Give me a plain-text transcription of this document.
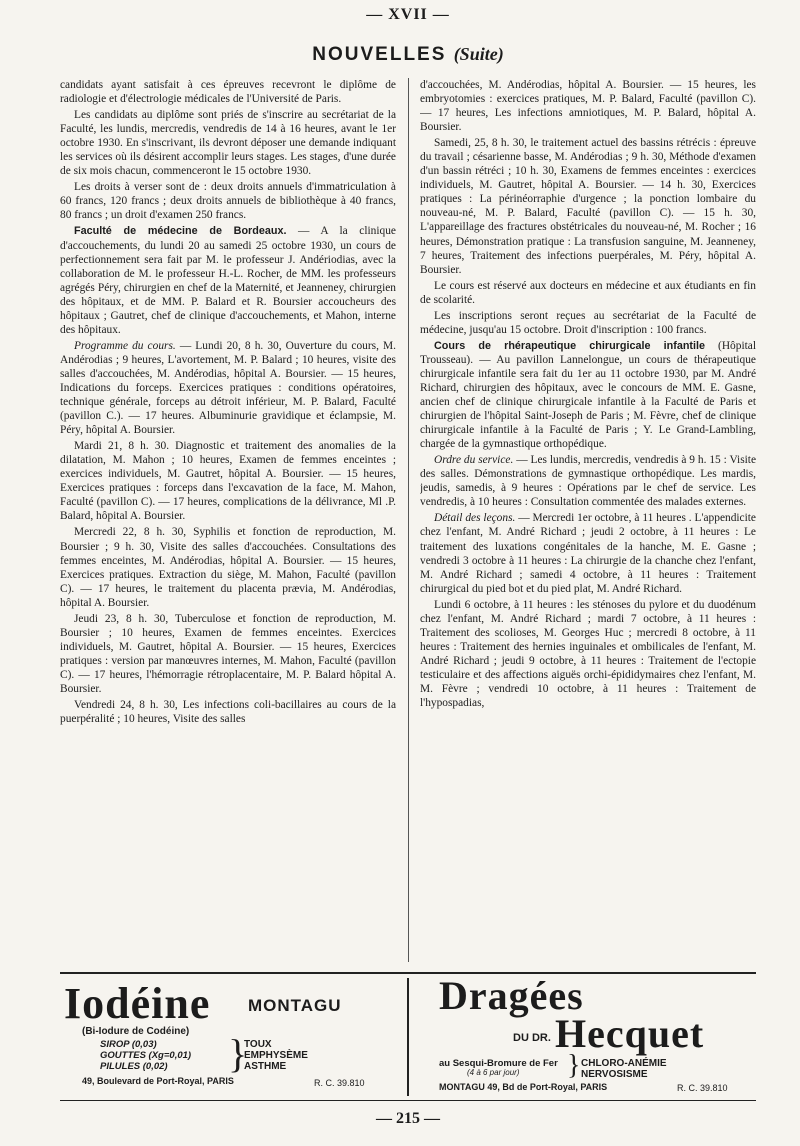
— XVII —
NOUVELLES (Suite)

candidats ayant satisfait à ces épreuves recevront le diplôme de radiologie et d'électrologie médicales de l'Université de Paris.

Les candidats au diplôme sont priés de s'inscrire au secrétariat de la Faculté, les lundis, mercredis, vendredis de 14 à 16 heures, avant le 1er octobre 1930. En s'inscrivant, ils devront déposer une demande indiquant les services où ils désirent accomplir leurs stages. Les stages, d'une durée de six mois chacun, commenceront le 15 octobre 1930.

Les droits à verser sont de : deux droits annuels d'immatriculation à 60 francs, 120 francs ; deux droits annuels de bibliothèque à 40 francs, 80 francs ; un droit d'examen 250 francs.

Faculté de médecine de Bordeaux. — A la clinique d'accouchements, du lundi 20 au samedi 25 octobre 1930, un cours de perfectionnement sera fait par M. le professeur J. Andériodias, avec la collaboration de M. le professeur H.-L. Rocher, de MM. les professeurs agrégés Péry, chirurgien en chef de la Maternité, et Jeanneney, chirurgien des hôpitaux, et de MM. P. Balard et R. Boursier accoucheurs des hôpitaux ; Gautret, chef de clinique d'accouchements, et Mahon, interne des hôpitaux.

Programme du cours. — Lundi 20, 8 h. 30, Ouverture du cours, M. Andérodias ; 9 heures, L'avortement, M. P. Balard ; 10 heures, visite des salles d'accouchées, M. Andérodias, hôpital A. Boursier. — 15 heures, Indications du forceps. Exercices pratiques : conditions opératoires, technique générale, forceps au détroit inférieur, M. P. Balard, Faculté (pavillon C.). — 17 heures. Albuminurie gravidique et éclampsie, M. Péry, hôpital A. Boursier.

Mardi 21, 8 h. 30. Diagnostic et traitement des anomalies de la dilatation, M. Mahon ; 10 heures, Examen de femmes enceintes ; exercices individuels, M. Gautret, hôpital A. Boursier. — 15 heures, Exercices pratiques : forceps dans l'excavation de la face, M. Mahon, Faculté (pavillon C). — 17 heures, complications de la délivrance, Ml .P. Balard, hôpital A. Boursier.

Mercredi 22, 8 h. 30, Syphilis et fonction de reproduction, M. Boursier ; 9 h. 30, Visite des salles d'accouchées. Consultations des femmes enceintes, M. Andérodias, hôpital A. Boursier. — 15 heures, Exercices pratiques. Extraction du siège, M. Mahon, Faculté (pavillon C). — 17 heures, le traitement du placenta prævia, M. Andérodias, hôpital A. Boursier.

Jeudi 23, 8 h. 30, Tuberculose et fonction de reproduction, M. Boursier ; 10 heures, Examen de femmes enceintes. Exercices individuels, M. Gautret, hôpital A. Boursier. — 15 heures, Exercices pratiques : version par manœuvres internes, M. Mahon, Faculté (pavillon C). — 17 heures, l'hémorragie rétroplacentaire, M. P. Balard hôpital A. Boursier.

Vendredi 24, 8 h. 30, Les infections coli-bacillaires au cours de la puerpéralité ; 10 heures, Visite des salles

d'accouchées, M. Andérodias, hôpital A. Boursier. — 15 heures, les embryotomies : exercices pratiques, M. P. Balard, Faculté (pavillon C). — 17 heures, Les infections amniotiques, M. P. Balard, hôpital A. Boursier.

Samedi, 25, 8 h. 30, le traitement actuel des bassins rétrécis : épreuve du travail ; césarienne basse, M. Andérodias ; 9 h. 30, Méthode d'examen d'un bassin rétréci ; 10 h. 30, Examens de femmes enceintes : exercices individuels, M. Gautret, hôpital A. Boursier. — 14 h. 30, Exercices pratiques : La périnéorraphie d'urgence ; la ponction lombaire du nouveau-né, M. P. Balard, Faculté (pavillon C). — 15 h. 30, L'appareillage des fractures obstétricales du nouveau-né, M. Rocher ; 16 heures, Démonstration pratique : La transfusion sanguine, M. Jeanneney, 7 heures, Traitement des infections puerpérales, M. Péry, hôpital A. Boursier.

Le cours est réservé aux docteurs en médecine et aux étudiants en fin de scolarité.

Les inscriptions seront reçues au secrétariat de la Faculté de médecine, jusqu'au 15 octobre. Droit d'inscription : 100 francs.

Cours de rhérapeutique chirurgicale infantile (Hôpital Trousseau). — Au pavillon Lannelongue, un cours de thérapeutique chirurgicale infantile sera fait du 1er au 11 octobre 1930, par M. André Richard, chirurgien des hôpitaux, avec le concours de MM. E. Gasne, ancien chef de clinique chirurgicale infantile à la Faculté de Paris et chirurgien de l'hôpital Saint-Joseph de Paris ; M. Fèvre, chef de clinique chirurgicale infantile à la Faculté de Paris ; Y. Le Grand-Lambling, chargée de la gymnastique orthopédique.

Ordre du service. — Les lundis, mercredis, vendredis à 9 h. 15 : Visite des salles. Démonstrations de gymnastique orthopédique. Les mardis, jeudis, samedis, à 9 heures : Opérations par le chef de service. Les vendredis, à 10 heures : Consultation commentée des malades externes.

Détail des leçons. — Mercredi 1er octobre, à 11 heures . L'appendicite chez l'enfant, M. André Richard ; jeudi 2 octobre, à 11 heures : Le traitement des luxations congénitales de la hanche, M. E. Gasne ; vendredi 3 octobre à 11 heures : La chirurgie de la chanche chez l'enfant, M. André Richard ; samedi 4 octobre, à 11 heures : Traitement chirurgical du pied bot et du pied plat, M. André Richard.

Lundi 6 octobre, à 11 heures : les sténoses du pylore et du duodénum chez l'enfant, M. André Richard ; mardi 7 octobre, à 11 heures : Traitement des scolioses, M. Georges Huc ; mercredi 8 octobre, à 11 heures : Traitement des hernies inguinales et ombilicales de l'enfant, M. André Richard ; jeudi 9 octobre, à 11 heures : Traitement de l'ectopie testiculaire et des affections aiguës orchi-épididymaires chez l'enfant, M. M. Fèvre ; vendredi 10 octobre, à 11 heures : Traitement de l'hypospadias,

Iodéine MONTAGU
(Bi-Iodure de Codéine)
SIROP (0,03)
GOUTTES (Xg=0,01)
PILULES (0,02)	}
TOUX
EMPHYSÈME
ASTHME
49, Boulevard de Port-Royal, PARIS	R. C. 39.810
Dragées
DU DR. Hecquet
au Sesqui-Bromure de Fer
(4 à 6 par jour) } CHLORO-ANÉMIE
NERVOSISME
MONTAGU 49, Bd de Port-Royal, PARIS	R. C. 39.810
— 215 —
